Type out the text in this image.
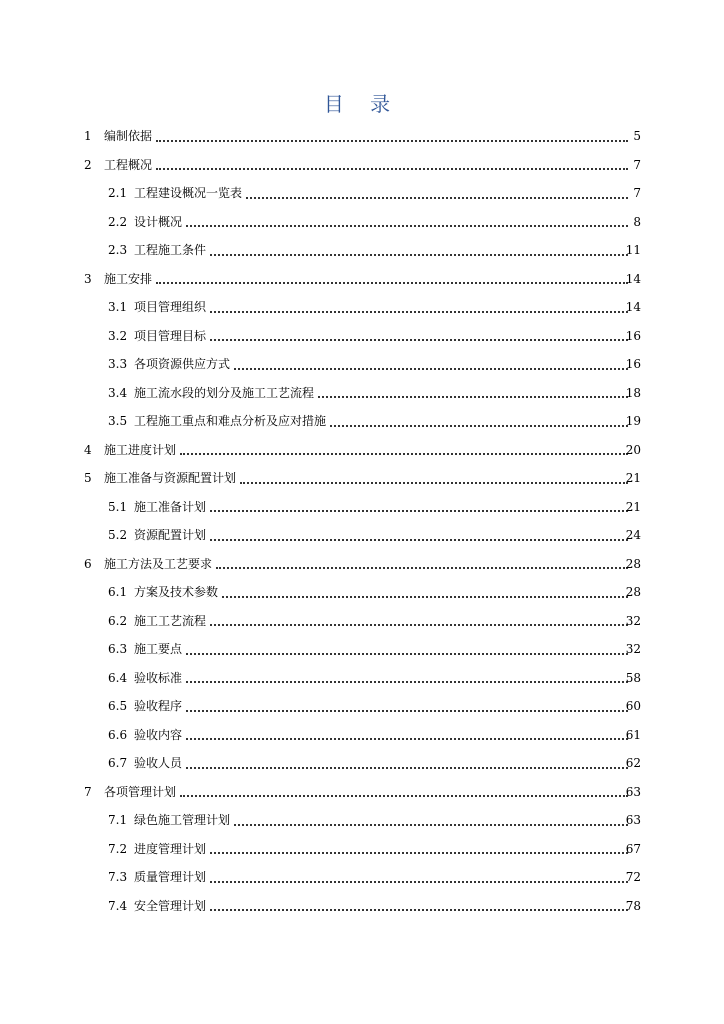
目 录
1	编制依据	5
2	工程概况	7
2.1 工程建设概况一览表	7
2.2 设计概况	8
2.3 工程施工条件	11
3	施工安排	14
3.1 项目管理组织	14
3.2 项目管理目标	16
3.3 各项资源供应方式	16
3.4 施工流水段的划分及施工工艺流程	18
3.5 工程施工重点和难点分析及应对措施	19
4	施工进度计划	20
5	施工准备与资源配置计划	21
5.1 施工准备计划	21
5.2 资源配置计划	24
6	施工方法及工艺要求	28
6.1 方案及技术参数	28
6.2 施工工艺流程	32
6.3 施工要点	32
6.4 验收标准	58
6.5 验收程序	60
6.6 验收内容	61
6.7 验收人员	62
7	各项管理计划	63
7.1 绿色施工管理计划	63
7.2 进度管理计划	67
7.3 质量管理计划	72
7.4 安全管理计划	78
